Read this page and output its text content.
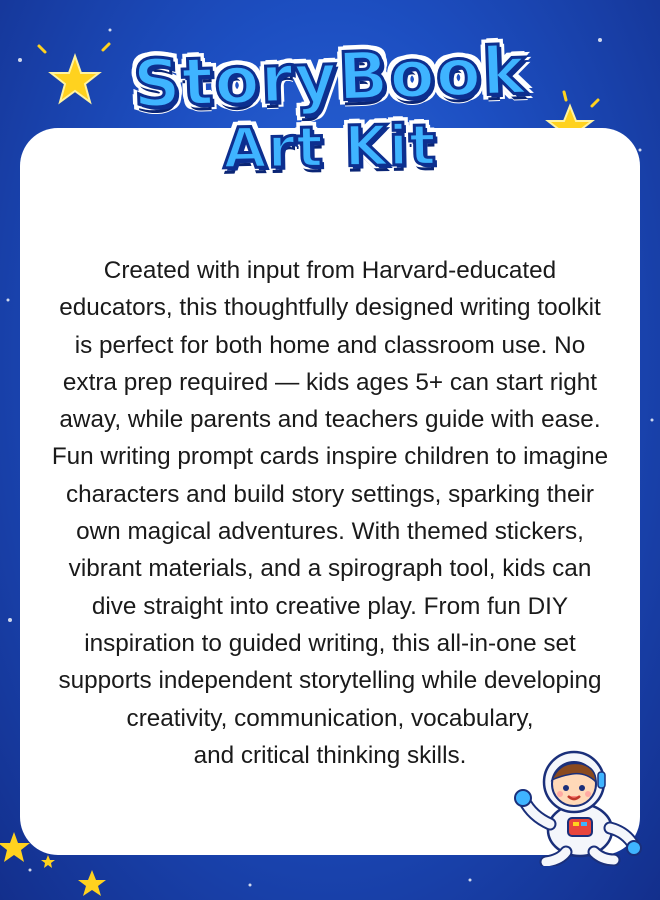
StoryBook
Art Kit
Created with input from Harvard-educated
educators, this thoughtfully designed writing toolkit
is perfect for both home and classroom use. No
extra prep required — kids ages 5+ can start right
away, while parents and teachers guide with ease.
Fun writing prompt cards inspire children to imagine
characters and build story settings, sparking their
own magical adventures. With themed stickers,
vibrant materials, and a spirograph tool, kids can
dive straight into creative play. From fun DIY
inspiration to guided writing, this all-in-one set
supports independent storytelling while developing
creativity, communication, vocabulary,
and critical thinking skills.
